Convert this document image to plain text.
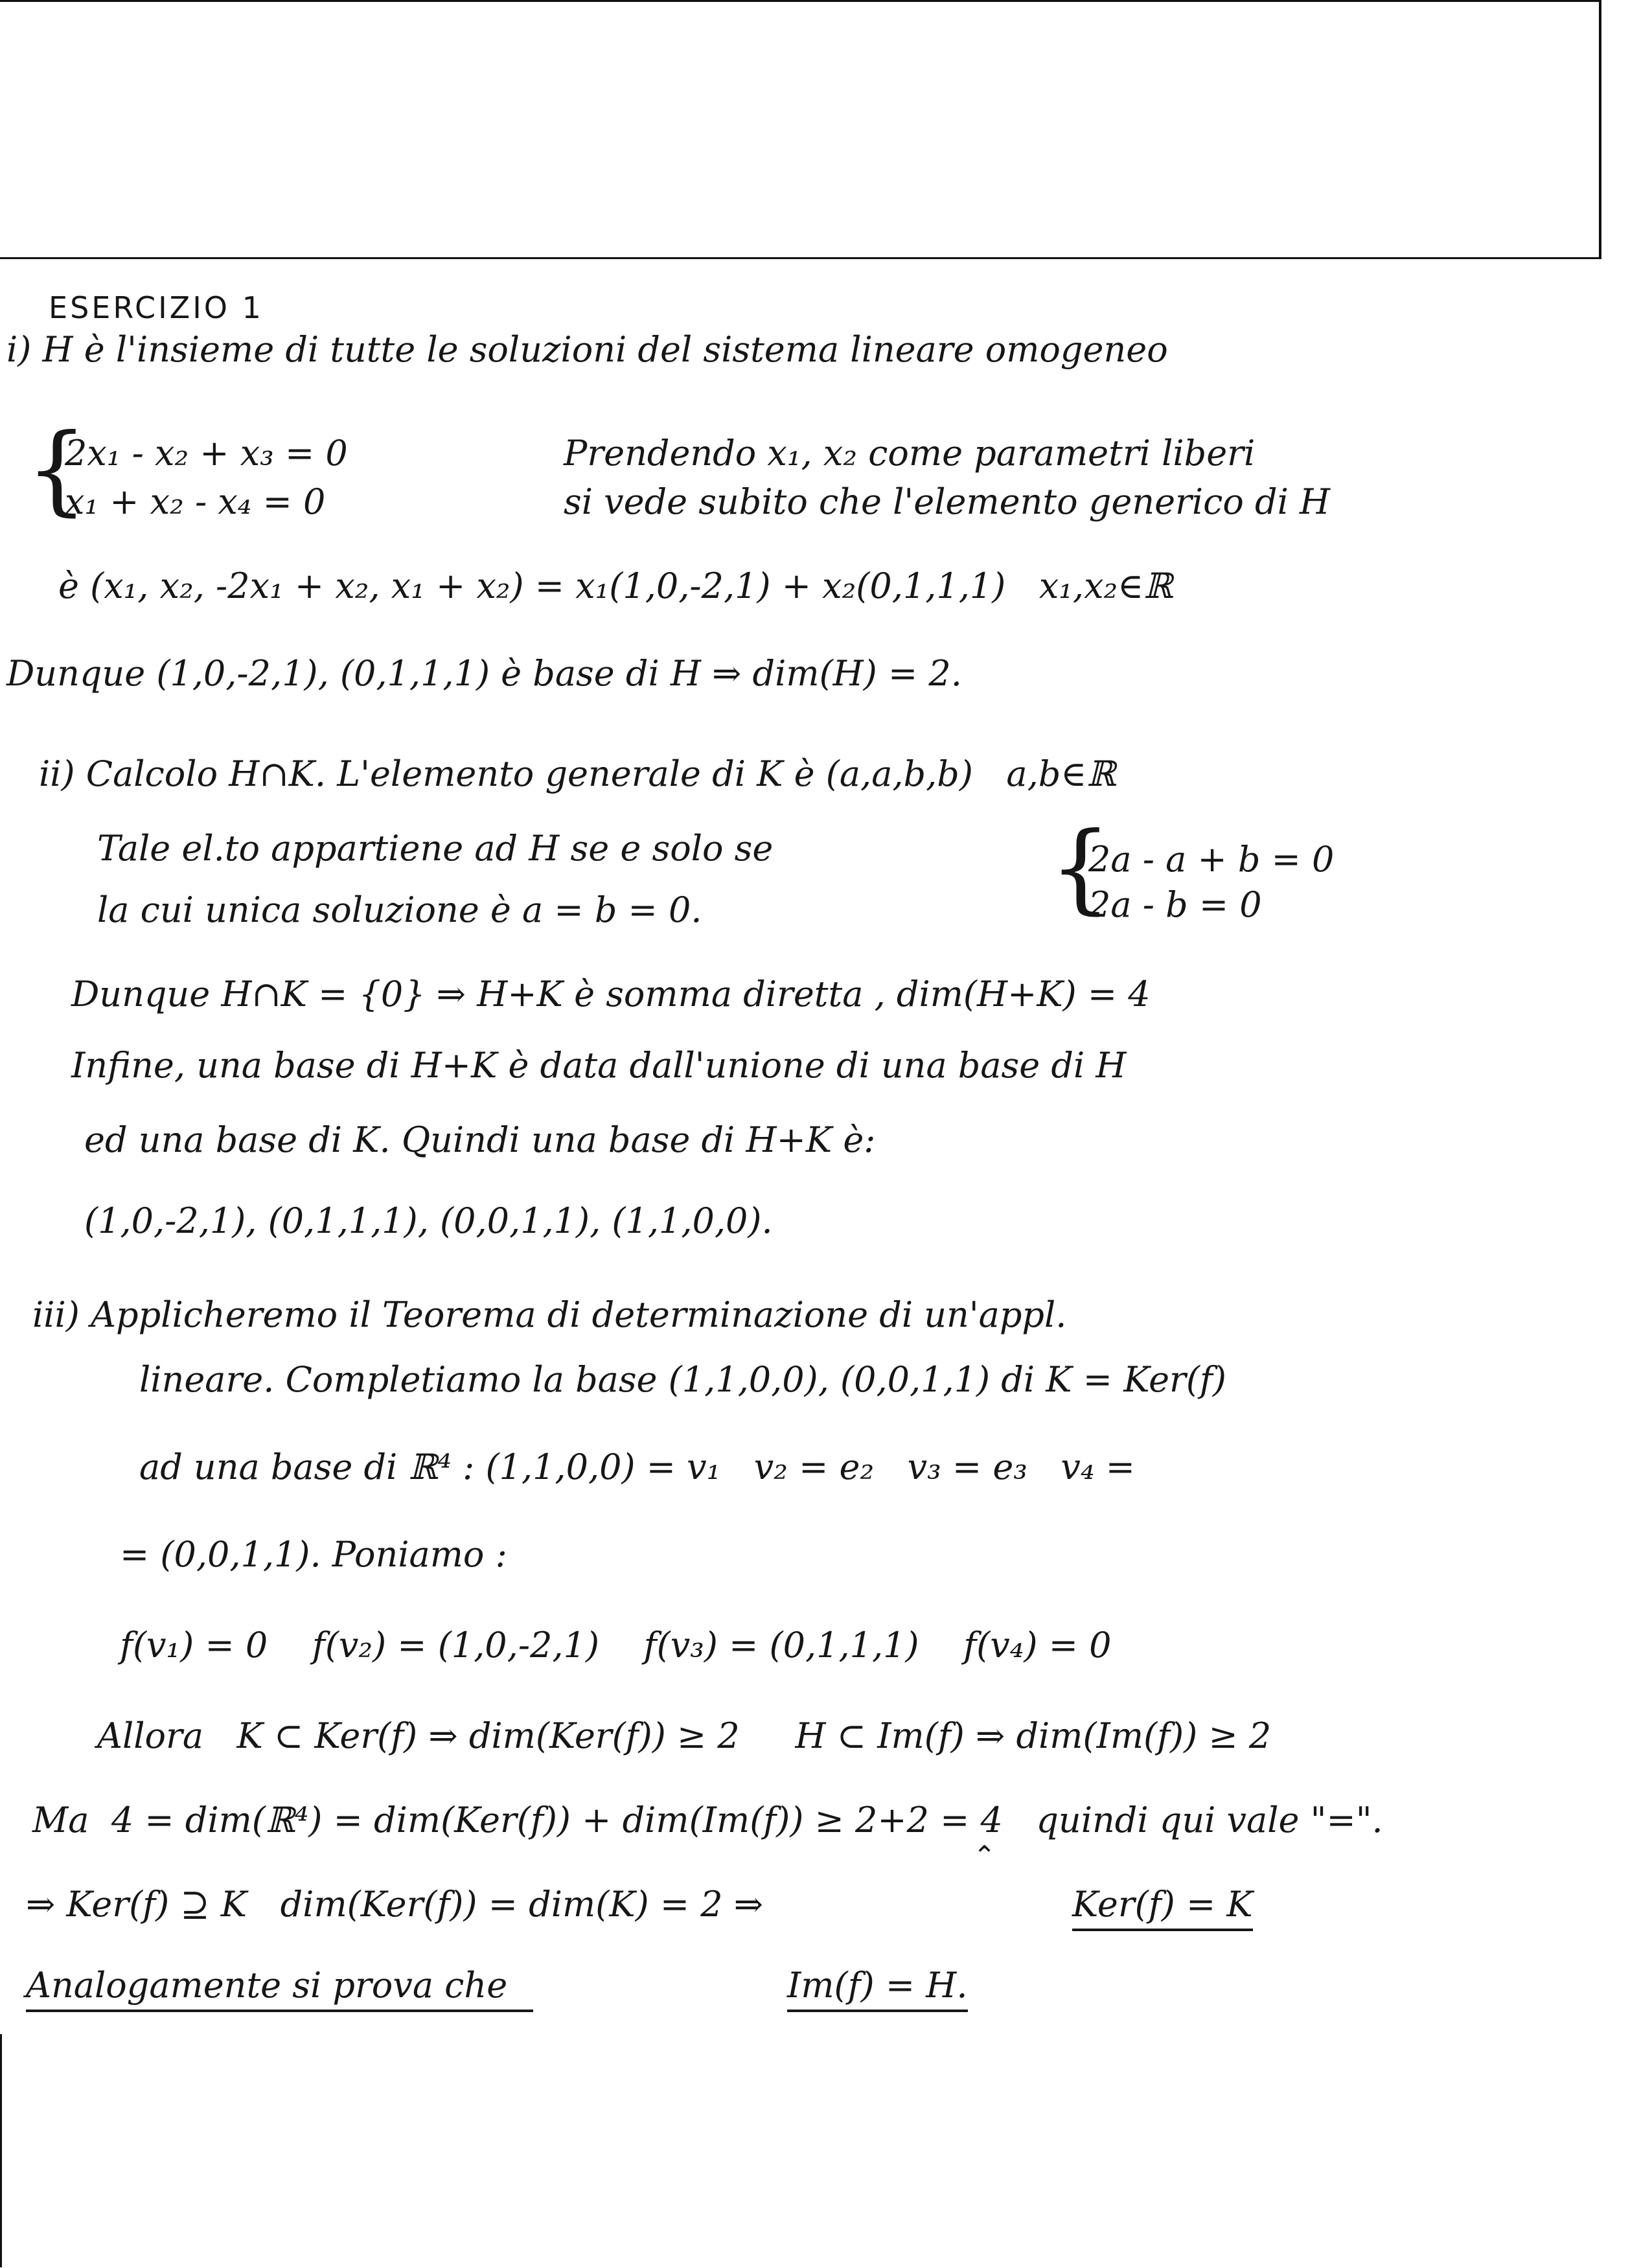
ESERCIZIO 1
i) H è l'insieme di tutte le soluzioni del sistema lineare omogeneo
{
2x₁ - x₂ + x₃ = 0
x₁ + x₂ - x₄ = 0
Prendendo x₁, x₂ come parametri liberi
si vede subito che l'elemento generico di H
è (x₁, x₂, -2x₁ + x₂, x₁ + x₂) = x₁(1,0,-2,1) + x₂(0,1,1,1)   x₁,x₂∈ℝ
Dunque (1,0,-2,1), (0,1,1,1) è base di H ⇒ dim(H) = 2.
ii) Calcolo H∩K. L'elemento generale di K è (a,a,b,b)   a,b∈ℝ
Tale el.to appartiene ad H se e solo se
la cui unica soluzione è a = b = 0.	{
2a - a + b = 0
2a - b = 0
Dunque H∩K = {0} ⇒ H+K è somma diretta , dim(H+K) = 4
Infine, una base di H+K è data dall'unione di una base di H
ed una base di K. Quindi una base di H+K è:
(1,0,-2,1), (0,1,1,1), (0,0,1,1), (1,1,0,0).
iii) Applicheremo il Teorema di determinazione di un'appl.
lineare. Completiamo la base (1,1,0,0), (0,0,1,1) di K = Ker(f)
ad una base di ℝ⁴ : (1,1,0,0) = v₁   v₂ = e₂   v₃ = e₃   v₄ =
= (0,0,1,1). Poniamo :
f(v₁) = 0    f(v₂) = (1,0,-2,1)    f(v₃) = (0,1,1,1)    f(v₄) = 0
Allora   K ⊂ Ker(f) ⇒ dim(Ker(f)) ≥ 2     H ⊂ Im(f) ⇒ dim(Im(f)) ≥ 2
Ma  4 = dim(ℝ⁴) = dim(Ker(f)) + dim(Im(f)) ≥ 2+2 = 4   quindi qui vale "=".
⌃
⇒ Ker(f) ⊇ K   dim(Ker(f)) = dim(K) = 2 ⇒	Ker(f) = K
Analogamente si prova che	Im(f) = H.
